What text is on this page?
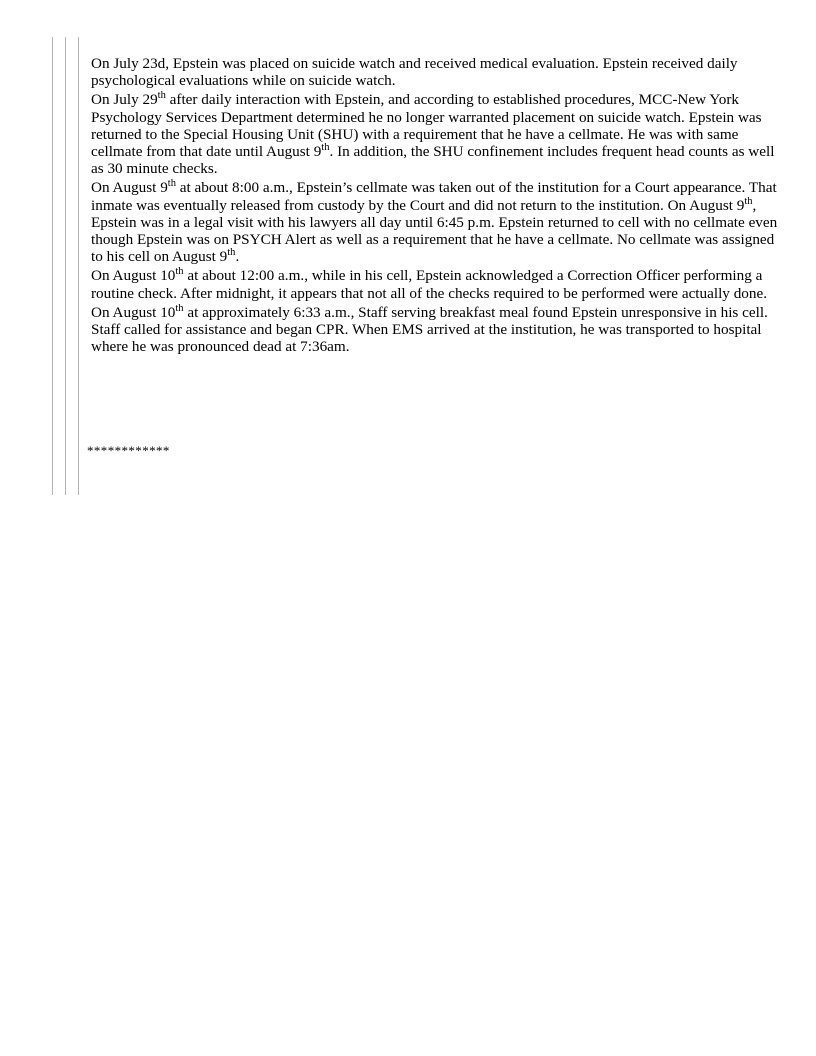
On July 23d, Epstein was placed on suicide watch and received medical evaluation. Epstein received daily psychological evaluations while on suicide watch.

On July 29th after daily interaction with Epstein, and according to established procedures, MCC-New York Psychology Services Department determined he no longer warranted placement on suicide watch. Epstein was returned to the Special Housing Unit (SHU) with a requirement that he have a cellmate. He was with same cellmate from that date until August 9th. In addition, the SHU confinement includes frequent head counts as well as 30 minute checks.

On August 9th at about 8:00 a.m., Epstein’s cellmate was taken out of the institution for a Court appearance. That inmate was eventually released from custody by the Court and did not return to the institution. On August 9th, Epstein was in a legal visit with his lawyers all day until 6:45 p.m. Epstein returned to cell with no cellmate even though Epstein was on PSYCH Alert as well as a requirement that he have a cellmate. No cellmate was assigned to his cell on August 9th.

On August 10th at about 12:00 a.m., while in his cell, Epstein acknowledged a Correction Officer performing a routine check. After midnight, it appears that not all of the checks required to be performed were actually done.

On August 10th at approximately 6:33 a.m., Staff serving breakfast meal found Epstein unresponsive in his cell. Staff called for assistance and began CPR. When EMS arrived at the institution, he was transported to hospital where he was pronounced dead at 7:36am.

************
